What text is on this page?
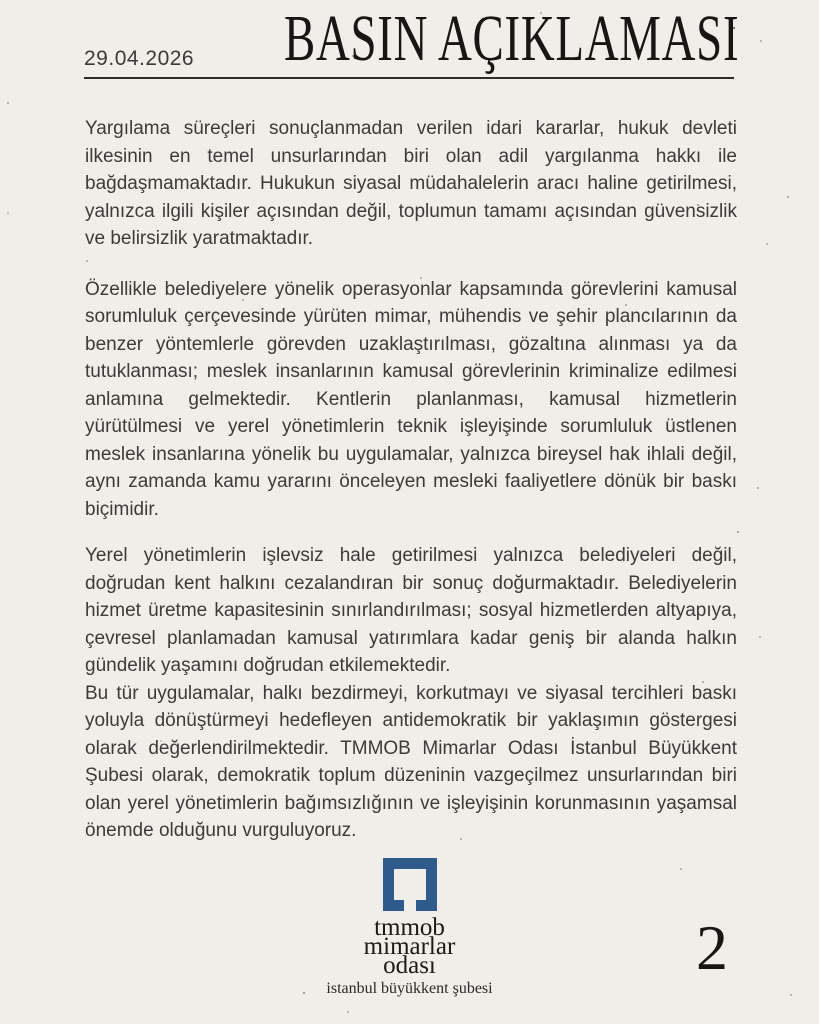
29.04.2026 BASIN AÇIKLAMASI

Yargılama süreçleri sonuçlanmadan verilen idari kararlar, hukuk devleti ilkesinin en temel unsurlarından biri olan adil yargılanma hakkı ile bağdaşmamaktadır. Hukukun siyasal müdahalelerin aracı haline getirilmesi, yalnızca ilgili kişiler açısından değil, toplumun tamamı açısından güvensizlik ve belirsizlik yaratmaktadır.

Özellikle belediyelere yönelik operasyonlar kapsamında görevlerini kamusal sorumluluk çerçevesinde yürüten mimar, mühendis ve şehir plancılarının da benzer yöntemlerle görevden uzaklaştırılması, gözaltına alınması ya da tutuklanması; meslek insanlarının kamusal görevlerinin kriminalize edilmesi anlamına gelmektedir. Kentlerin planlanması, kamusal hizmetlerin yürütülmesi ve yerel yönetimlerin teknik işleyişinde sorumluluk üstlenen meslek insanlarına yönelik bu uygulamalar, yalnızca bireysel hak ihlali değil, aynı zamanda kamu yararını önceleyen mesleki faaliyetlere dönük bir baskı biçimidir.

Yerel yönetimlerin işlevsiz hale getirilmesi yalnızca belediyeleri değil, doğrudan kent halkını cezalandıran bir sonuç doğurmaktadır. Belediyelerin hizmet üretme kapasitesinin sınırlandırılması; sosyal hizmetlerden altyapıya, çevresel planlamadan kamusal yatırımlara kadar geniş bir alanda halkın gündelik yaşamını doğrudan etkilemektedir.

Bu tür uygulamalar, halkı bezdirmeyi, korkutmayı ve siyasal tercihleri baskı yoluyla dönüştürmeyi hedefleyen antidemokratik bir yaklaşımın göstergesi olarak değerlendirilmektedir. TMMOB Mimarlar Odası İstanbul Büyükkent Şubesi olarak, demokratik toplum düzeninin vazgeçilmez unsurlarından biri olan yerel yönetimlerin bağımsızlığının ve işleyişinin korunmasının yaşamsal önemde olduğunu vurguluyoruz.

tmmob
mimarlar
odası
istanbul büyükkent şubesi
2
